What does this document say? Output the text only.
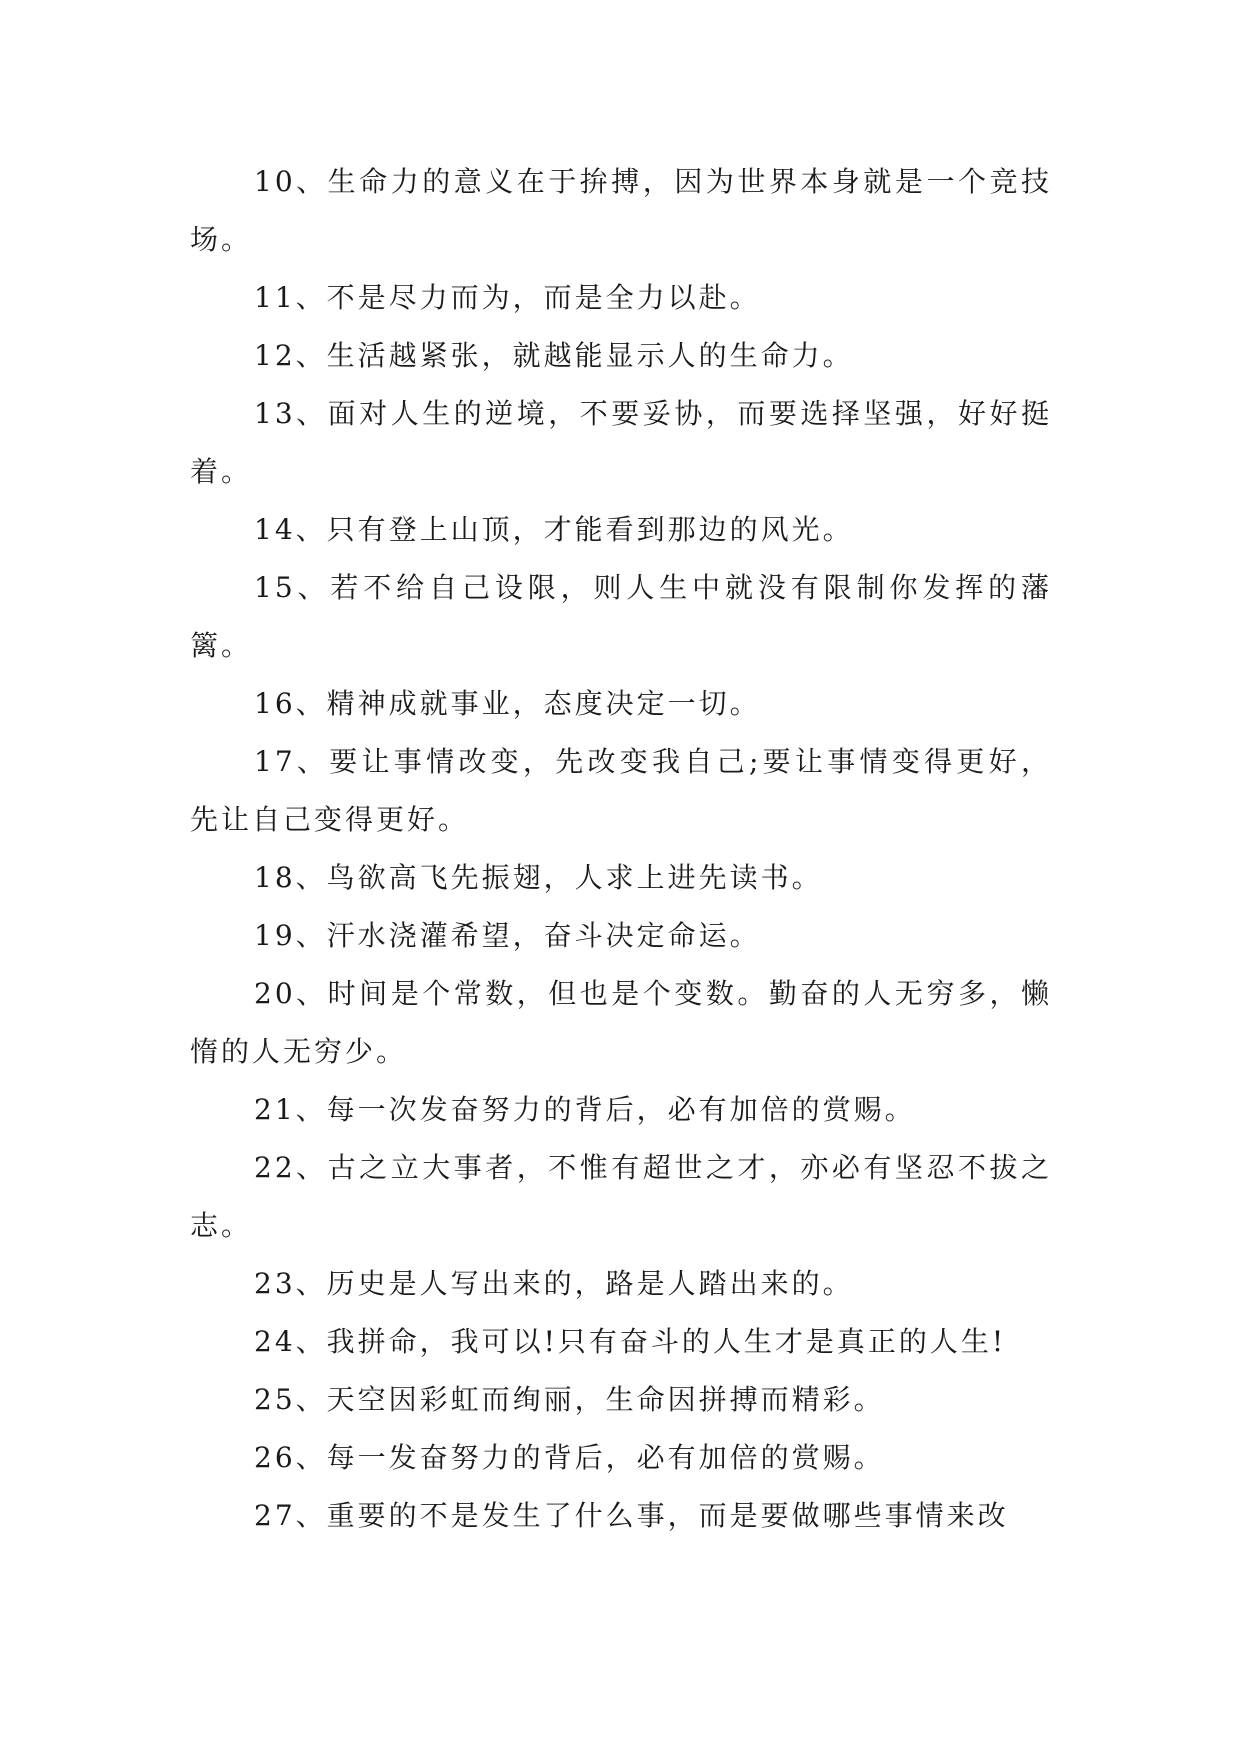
10、生命力的意义在于拚搏，因为世界本身就是一个竞技场。

11、不是尽力而为，而是全力以赴。

12、生活越紧张，就越能显示人的生命力。

13、面对人生的逆境，不要妥协，而要选择坚强，好好挺着。

14、只有登上山顶，才能看到那边的风光。

15、若不给自己设限，则人生中就没有限制你发挥的藩篱。

16、精神成就事业，态度决定一切。

17、要让事情改变，先改变我自己;要让事情变得更好，先让自己变得更好。

18、鸟欲高飞先振翅，人求上进先读书。

19、汗水浇灌希望，奋斗决定命运。

20、时间是个常数，但也是个变数。勤奋的人无穷多，懒惰的人无穷少。

21、每一次发奋努力的背后，必有加倍的赏赐。

22、古之立大事者，不惟有超世之才，亦必有坚忍不拔之志。

23、历史是人写出来的，路是人踏出来的。

24、我拼命，我可以!只有奋斗的人生才是真正的人生!

25、天空因彩虹而绚丽，生命因拼搏而精彩。

26、每一发奋努力的背后，必有加倍的赏赐。

27、重要的不是发生了什么事，而是要做哪些事情来改
